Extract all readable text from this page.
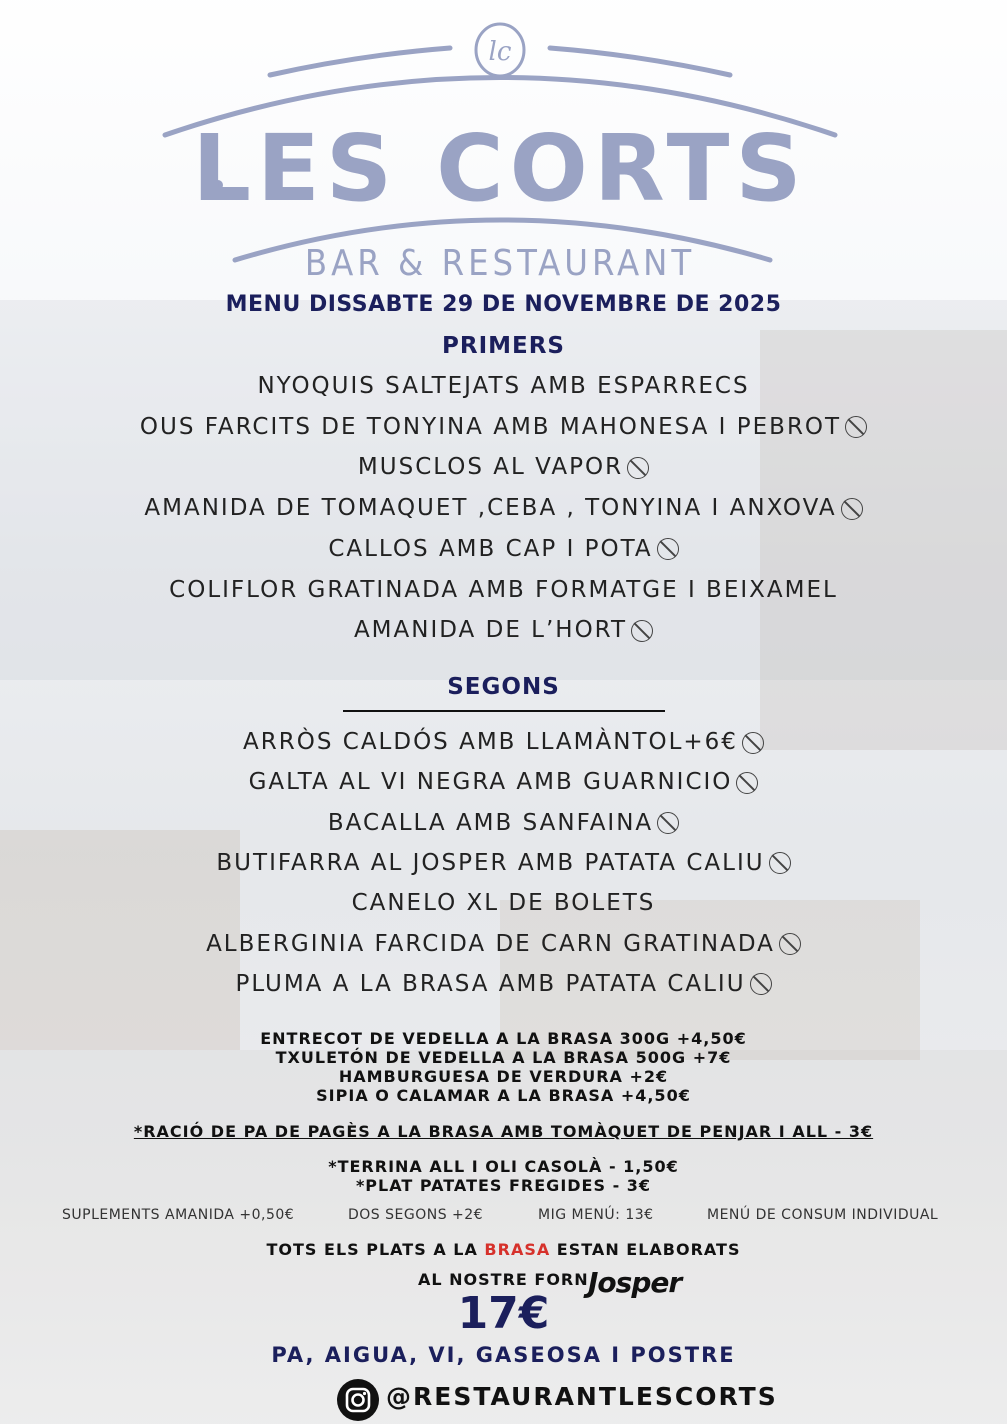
lc
LES CORTS
BAR & RESTAURANT
MENU DISSABTE 29 DE NOVEMBRE DE 2025
PRIMERS
NYOQUIS SALTEJATS AMB ESPARRECS
OUS FARCITS DE TONYINA AMB MAHONESA I PEBROT
MUSCLOS AL VAPOR
AMANIDA DE TOMAQUET ,CEBA , TONYINA I ANXOVA
CALLOS AMB CAP I POTA
COLIFLOR GRATINADA AMB FORMATGE I BEIXAMEL
AMANIDA DE L’HORT
SEGONS
ARRÒS CALDÓS AMB LLAMÀNTOL+6€
GALTA AL VI NEGRA AMB GUARNICIO
BACALLA AMB SANFAINA
BUTIFARRA AL JOSPER AMB PATATA CALIU
CANELO XL DE BOLETS
ALBERGINIA FARCIDA DE CARN GRATINADA
PLUMA A LA BRASA AMB PATATA CALIU
ENTRECOT DE VEDELLA A LA BRASA 300G +4,50€
TXULETÓN DE VEDELLA A LA BRASA 500G +7€
HAMBURGUESA DE VERDURA +2€
SIPIA O CALAMAR A LA BRASA +4,50€
*RACIÓ DE PA DE PAGÈS A LA BRASA AMB TOMÀQUET DE PENJAR I ALL - 3€
*TERRINA ALL I OLI CASOLÀ - 1,50€
*PLAT PATATES FREGIDES - 3€
SUPLEMENTS AMANIDA +0,50€	DOS SEGONS +2€	MIG MENÚ: 13€	MENÚ DE CONSUM INDIVIDUAL
TOTS ELS PLATS A LA BRASA ESTAN ELABORATS
AL NOSTRE FORN Josper
17€
PA, AIGUA, VI, GASEOSA I POSTRE
@RESTAURANTLESCORTS
